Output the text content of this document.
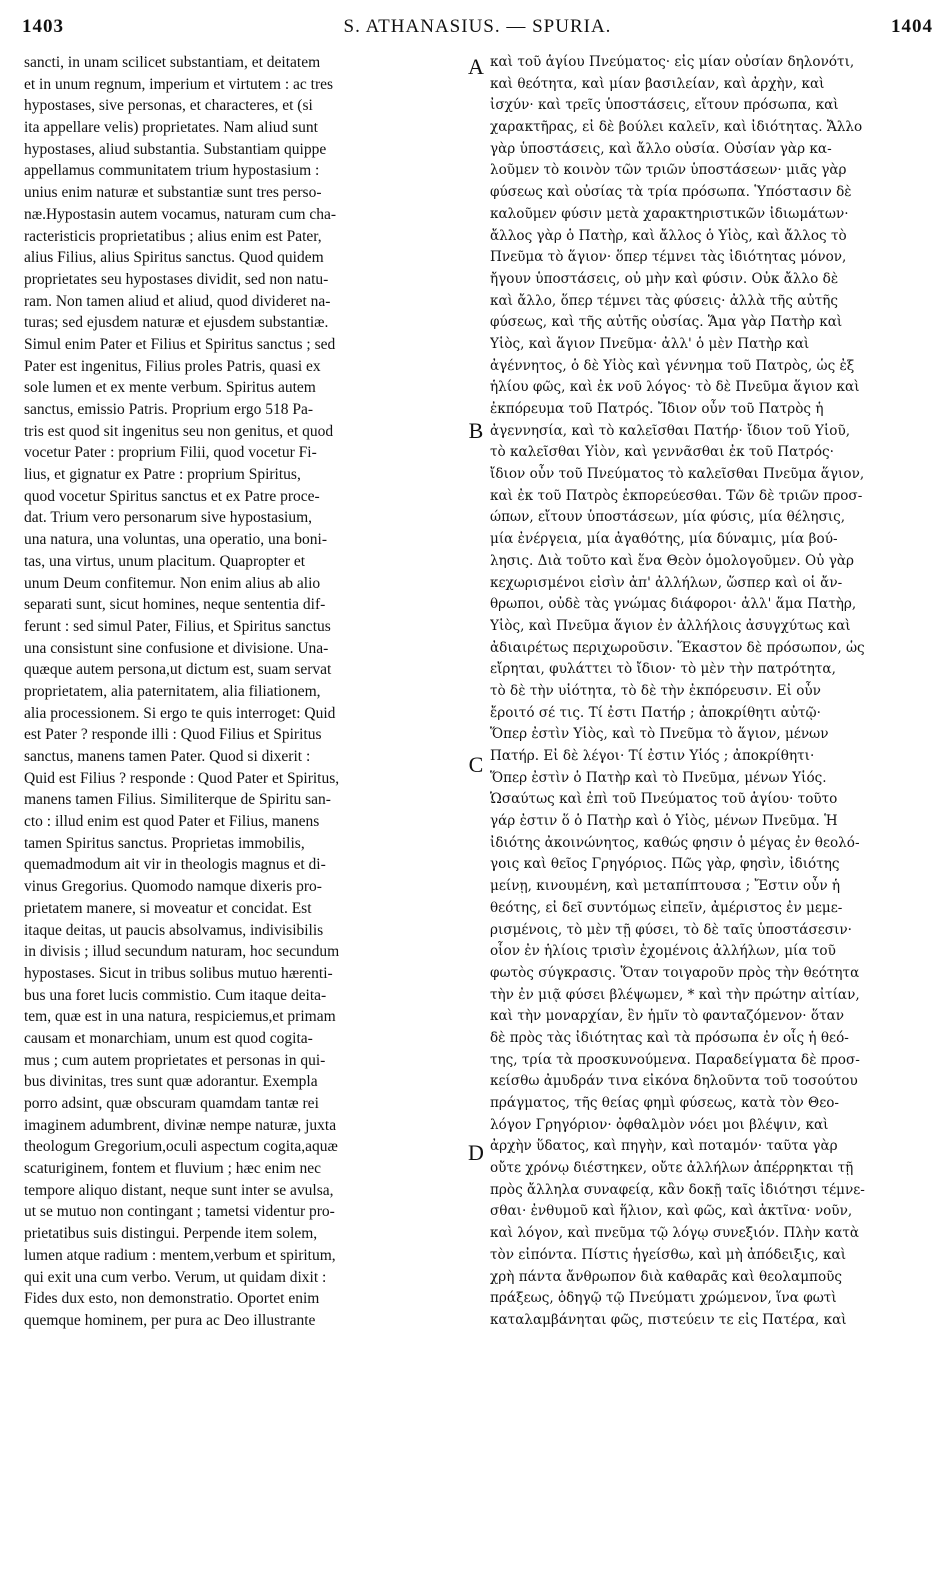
1403	S. ATHANASIUS. — SPURIA.	1404
sancti, in unam scilicet substantiam, et deitatem
et in unum regnum, imperium et virtutem : ac tres
hypostases, sive personas, et characteres, et (si
ita appellare velis) proprietates. Nam aliud sunt
hypostases, aliud substantia. Substantiam quippe
appellamus communitatem trium hypostasium :
unius enim naturæ et substantiæ sunt tres perso-
næ.Hypostasin autem vocamus, naturam cum cha-
racteristicis proprietatibus ; alius enim est Pater,
alius Filius, alius Spiritus sanctus. Quod quidem
proprietates seu hypostases dividit, sed non natu-
ram. Non tamen aliud et aliud, quod divideret na-
turas; sed ejusdem naturæ et ejusdem substantiæ.
Simul enim Pater et Filius et Spiritus sanctus ; sed
Pater est ingenitus, Filius proles Patris, quasi ex
sole lumen et ex mente verbum. Spiritus autem
sanctus, emissio Patris. Proprium ergo 518 Pa-
tris est quod sit ingenitus seu non genitus, et quod
vocetur Pater : proprium Filii, quod vocetur Fi-
lius, et gignatur ex Patre : proprium Spiritus,
quod vocetur Spiritus sanctus et ex Patre proce-
dat. Trium vero personarum sive hypostasium,
una natura, una voluntas, una operatio, una boni-
tas, una virtus, unum placitum. Quapropter et
unum Deum confitemur. Non enim alius ab alio
separati sunt, sicut homines, neque sententia dif-
ferunt : sed simul Pater, Filius, et Spiritus sanctus
una consistunt sine confusione et divisione. Una-
quæque autem persona,ut dictum est, suam servat
proprietatem, alia paternitatem, alia filiationem,
alia processionem. Si ergo te quis interroget: Quid
est Pater ? responde illi : Quod Filius et Spiritus
sanctus, manens tamen Pater. Quod si dixerit :
Quid est Filius ? responde : Quod Pater et Spiritus,
manens tamen Filius. Similiterque de Spiritu san-
cto : illud enim est quod Pater et Filius, manens
tamen Spiritus sanctus. Proprietas immobilis,
quemadmodum ait vir in theologis magnus et di-
vinus Gregorius. Quomodo namque dixeris pro-
prietatem manere, si moveatur et concidat. Est
itaque deitas, ut paucis absolvamus, indivisibilis
in divisis ; illud secundum naturam, hoc secundum
hypostases. Sicut in tribus solibus mutuo hærenti-
bus una foret lucis commistio. Cum itaque deita-
tem, quæ est in una natura, respiciemus,et primam
causam et monarchiam, unum est quod cogita-
mus ; cum autem proprietates et personas in qui-
bus divinitas, tres sunt quæ adorantur. Exempla
porro adsint, quæ obscuram quamdam tantæ rei
imaginem adumbrent, divinæ nempe naturæ, juxta
theologum Gregorium,oculi aspectum cogita,aquæ
scaturiginem, fontem et fluvium ; hæc enim nec
tempore aliquo distant, neque sunt inter se avulsa,
ut se mutuo non contingant ; tametsi videntur pro-
prietatibus suis distingui. Perpende item solem,
lumen atque radium : mentem,verbum et spiritum,
qui exit una cum verbo. Verum, ut quidam dixit :
Fides dux esto, non demonstratio. Oportet enim
quemque hominem, per pura ac Deo illustrante
A
B
C
D
καὶ τοῦ ἁγίου Πνεύματος· εἰς μίαν οὐσίαν δηλονότι,
καὶ θεότητα, καὶ μίαν βασιλείαν, καὶ ἀρχὴν, καὶ
ἰσχύν· καὶ τρεῖς ὑποστάσεις, εἴτουν πρόσωπα, καὶ
χαρακτῆρας, εἰ δὲ βούλει καλεῖν, καὶ ἰδιότητας. Ἄλλο
γὰρ ὑποστάσεις, καὶ ἄλλο οὐσία. Οὐσίαν γὰρ κα-
λοῦμεν τὸ κοινὸν τῶν τριῶν ὑποστάσεων· μιᾶς γὰρ
φύσεως καὶ οὐσίας τὰ τρία πρόσωπα. Ὑπόστασιν δὲ
καλοῦμεν φύσιν μετὰ χαρακτηριστικῶν ἰδιωμάτων·
ἄλλος γὰρ ὁ Πατὴρ, καὶ ἄλλος ὁ Υἱὸς, καὶ ἄλλος τὸ
Πνεῦμα τὸ ἅγιον· ὅπερ τέμνει τὰς ἰδιότητας μόνον,
ἤγουν ὑποστάσεις, οὐ μὴν καὶ φύσιν. Οὐκ ἄλλο δὲ
καὶ ἄλλο, ὅπερ τέμνει τὰς φύσεις· ἀλλὰ τῆς αὐτῆς
φύσεως, καὶ τῆς αὐτῆς οὐσίας. Ἅμα γὰρ Πατὴρ καὶ
Υἱὸς, καὶ ἅγιον Πνεῦμα· ἀλλ' ὁ μὲν Πατὴρ καὶ
ἀγέννητος, ὁ δὲ Υἱὸς καὶ γέννημα τοῦ Πατρὸς, ὡς ἐξ
ἡλίου φῶς, καὶ ἐκ νοῦ λόγος· τὸ δὲ Πνεῦμα ἅγιον καὶ
ἐκπόρευμα τοῦ Πατρός. Ἴδιον οὖν τοῦ Πατρὸς ἡ
ἀγεννησία, καὶ τὸ καλεῖσθαι Πατήρ· ἴδιον τοῦ Υἱοῦ,
τὸ καλεῖσθαι Υἱὸν, καὶ γεννᾶσθαι ἐκ τοῦ Πατρός·
ἴδιον οὖν τοῦ Πνεύματος τὸ καλεῖσθαι Πνεῦμα ἅγιον,
καὶ ἐκ τοῦ Πατρὸς ἐκπορεύεσθαι. Τῶν δὲ τριῶν προσ-
ώπων, εἴτουν ὑποστάσεων, μία φύσις, μία θέλησις,
μία ἐνέργεια, μία ἀγαθότης, μία δύναμις, μία βού-
λησις. Διὰ τοῦτο καὶ ἕνα Θεὸν ὁμολογοῦμεν. Οὐ γὰρ
κεχωρισμένοι εἰσὶν ἀπ' ἀλλήλων, ὥσπερ καὶ οἱ ἄν-
θρωποι, οὐδὲ τὰς γνώμας διάφοροι· ἀλλ' ἅμα Πατὴρ,
Υἱὸς, καὶ Πνεῦμα ἅγιον ἐν ἀλλήλοις ἀσυγχύτως καὶ
ἀδιαιρέτως περιχωροῦσιν. Ἕκαστον δὲ πρόσωπον, ὡς
εἴρηται, φυλάττει τὸ ἴδιον· τὸ μὲν τὴν πατρότητα,
τὸ δὲ τὴν υἱότητα, τὸ δὲ τὴν ἐκπόρευσιν. Εἰ οὖν
ἔροιτό σέ τις. Τί ἐστι Πατήρ ; ἀποκρίθητι αὐτῷ·
Ὅπερ ἐστὶν Υἱὸς, καὶ τὸ Πνεῦμα τὸ ἅγιον, μένων
Πατήρ. Εἰ δὲ λέγοι· Τί ἐστιν Υἱός ; ἀποκρίθητι·
Ὅπερ ἐστὶν ὁ Πατὴρ καὶ τὸ Πνεῦμα, μένων Υἱός.
Ὡσαύτως καὶ ἐπὶ τοῦ Πνεύματος τοῦ ἁγίου· τοῦτο
γάρ ἐστιν ὅ ὁ Πατὴρ καὶ ὁ Υἱὸς, μένων Πνεῦμα. Ἡ
ἰδιότης ἀκοινώνητος, καθώς φησιν ὁ μέγας ἐν θεολό-
γοις καὶ θεῖος Γρηγόριος. Πῶς γὰρ, φησὶν, ἰδιότης
μείνῃ, κινουμένη, καὶ μεταπίπτουσα ; Ἔστιν οὖν ἡ
θεότης, εἰ δεῖ συντόμως εἰπεῖν, ἀμέριστος ἐν μεμε-
ρισμένοις, τὸ μὲν τῇ φύσει, τὸ δὲ ταῖς ὑποστάσεσιν·
οἷον ἐν ἡλίοις τρισὶν ἐχομένοις ἀλλήλων, μία τοῦ
φωτὸς σύγκρασις. Ὅταν τοιγαροῦν πρὸς τὴν θεότητα
τὴν ἐν μιᾷ φύσει βλέψωμεν, * καὶ τὴν πρώτην αἰτίαν,
καὶ τὴν μοναρχίαν, ἓν ἡμῖν τὸ φανταζόμενον· ὅταν
δὲ πρὸς τὰς ἰδιότητας καὶ τὰ πρόσωπα ἐν οἷς ἡ θεό-
της, τρία τὰ προσκυνούμενα. Παραδείγματα δὲ προσ-
κείσθω ἀμυδράν τινα εἰκόνα δηλοῦντα τοῦ τοσούτου
πράγματος, τῆς θείας φημὶ φύσεως, κατὰ τὸν Θεο-
λόγον Γρηγόριον· ὀφθαλμὸν νόει μοι βλέψιν, καὶ
ἀρχὴν ὕδατος, καὶ πηγὴν, καὶ ποταμόν· ταῦτα γὰρ
οὔτε χρόνῳ διέστηκεν, οὔτε ἀλλήλων ἀπέρρηκται τῇ
πρὸς ἄλληλα συναφείᾳ, κἂν δοκῇ ταῖς ἰδιότησι τέμνε-
σθαι· ἐνθυμοῦ καὶ ἥλιον, καὶ φῶς, καὶ ἀκτῖνα· νοῦν,
καὶ λόγον, καὶ πνεῦμα τῷ λόγῳ συνεξιόν. Πλὴν κατὰ
τὸν εἰπόντα. Πίστις ἡγείσθω, καὶ μὴ ἀπόδειξις, καὶ
χρὴ πάντα ἄνθρωπον διὰ καθαρᾶς καὶ θεολαμποῦς
πράξεως, ὁδηγῷ τῷ Πνεύματι χρώμενον, ἵνα φωτὶ
καταλαμβάνηται φῶς, πιστεύειν τε εἰς Πατέρα, καὶ
